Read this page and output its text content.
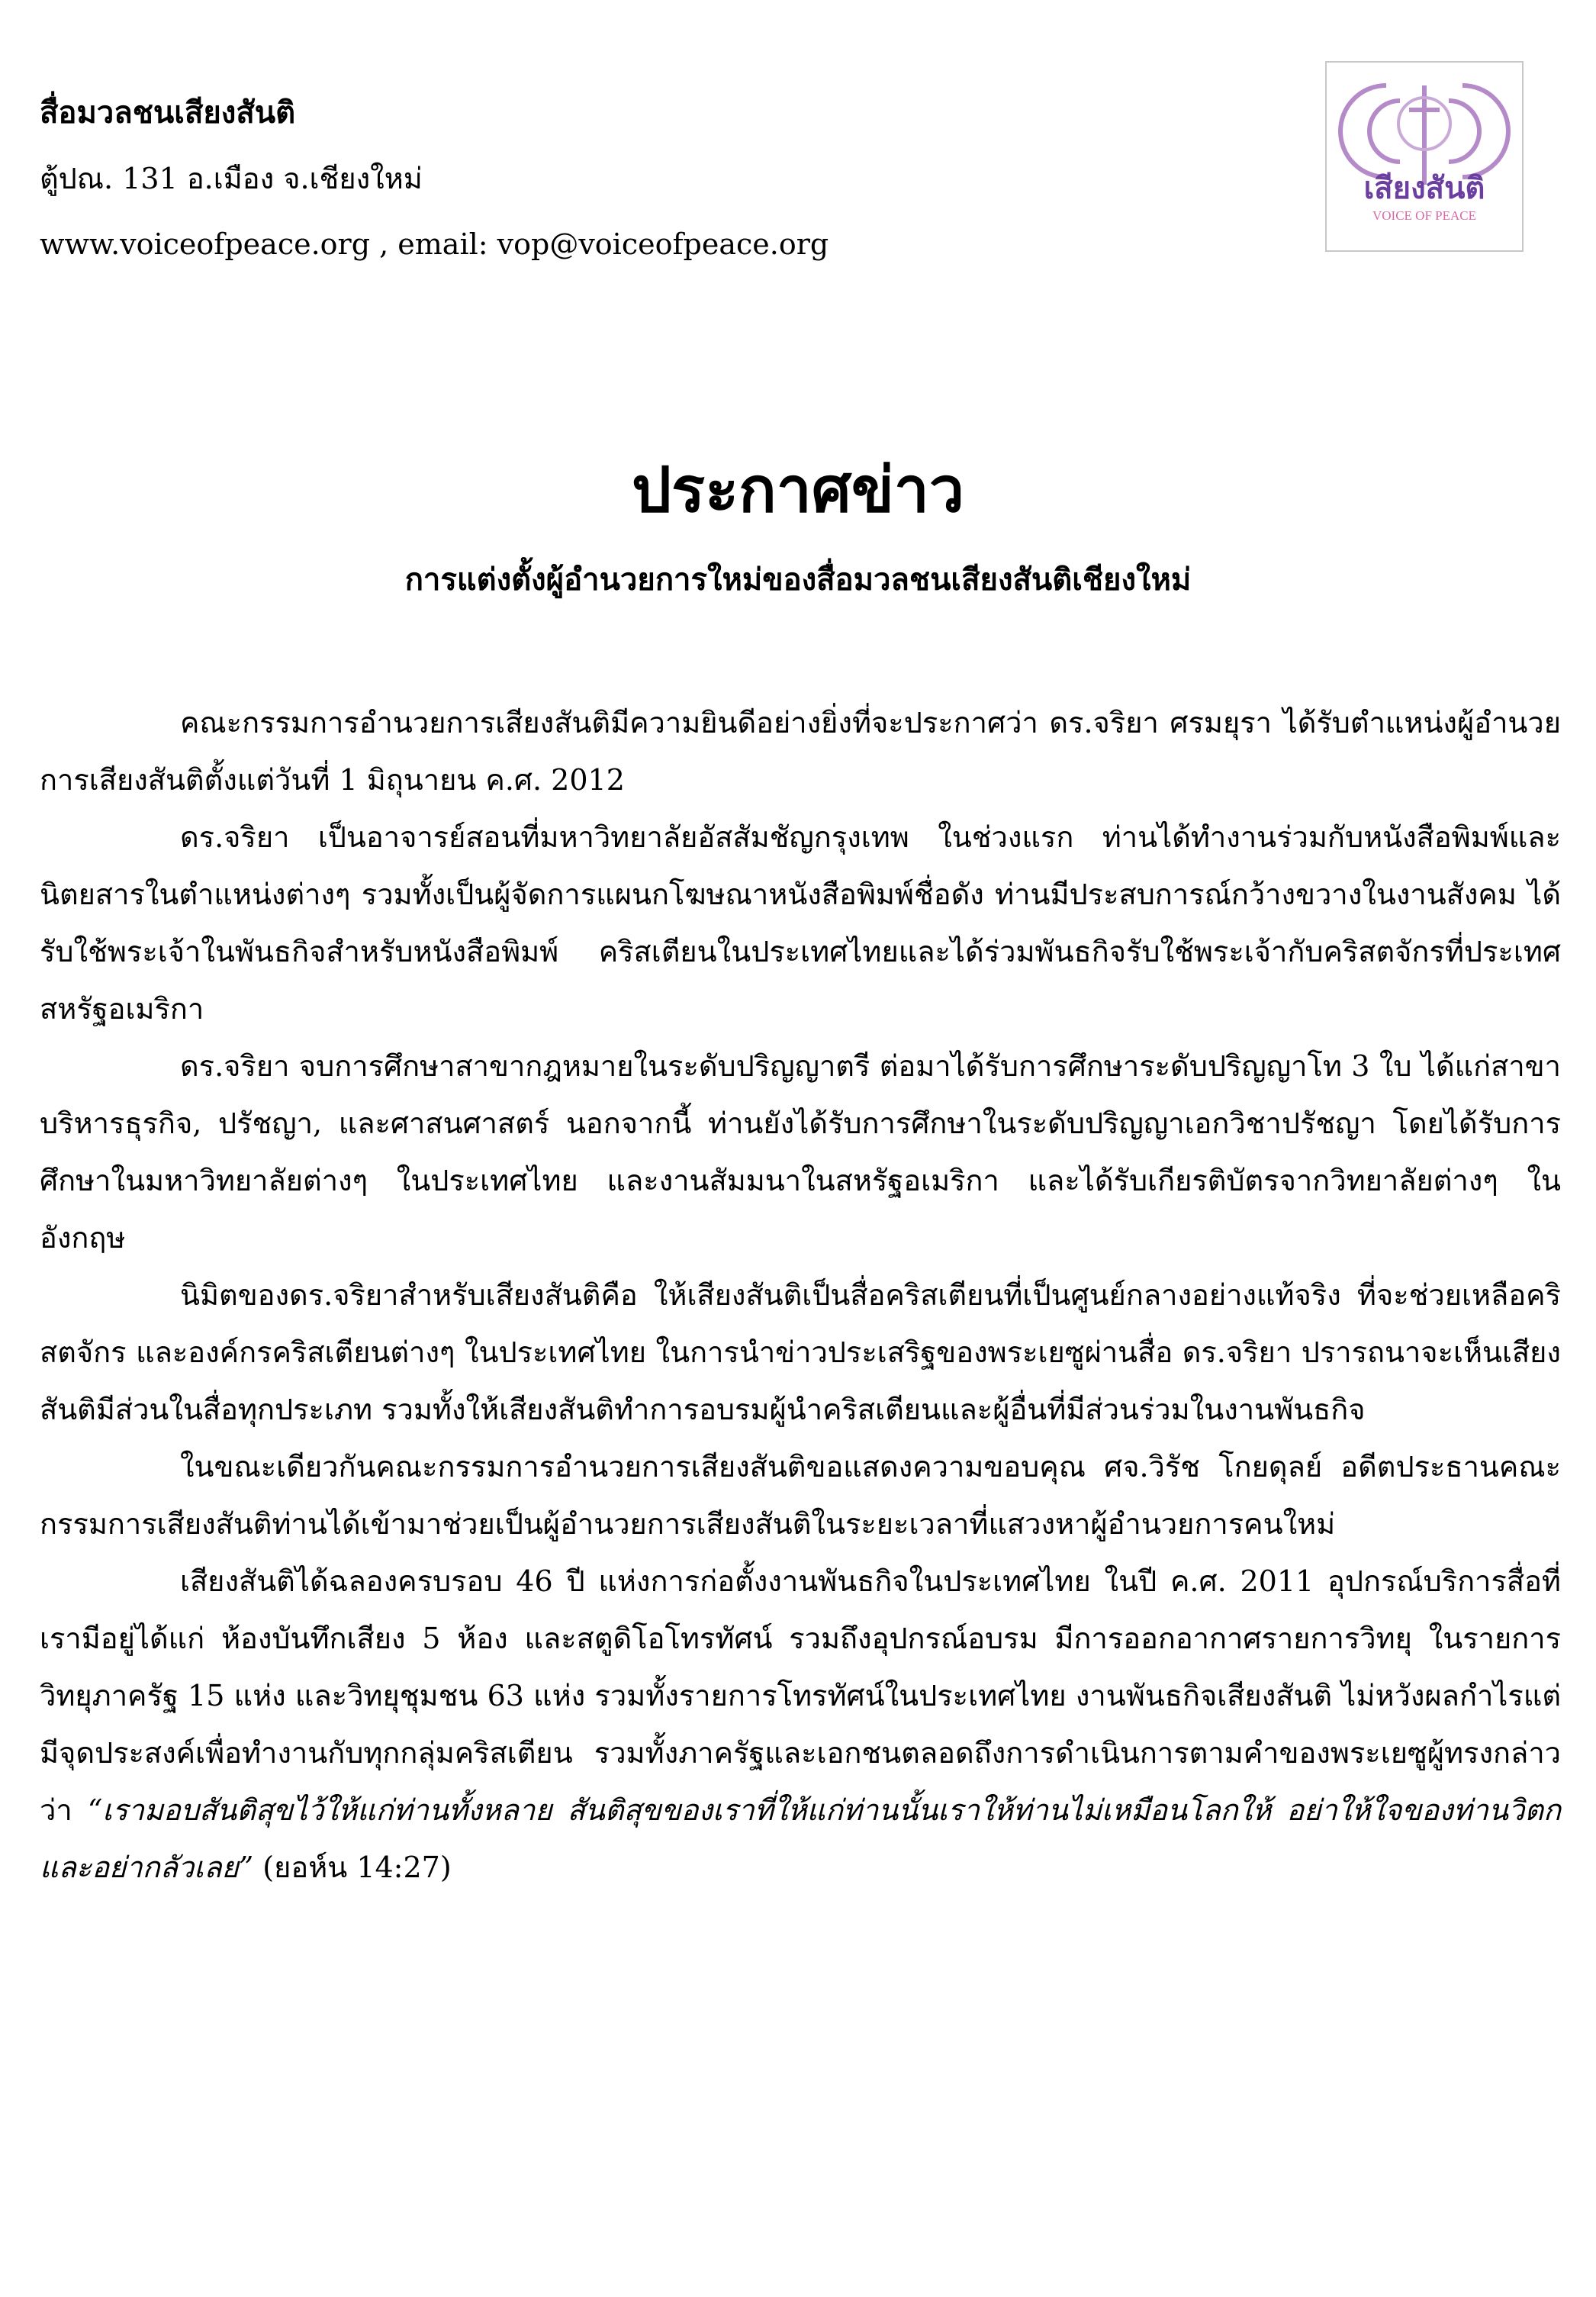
สื่อมวลชนเสียงสันติ

ตู้ปณ. 131 อ.เมือง จ.เชียงใหม่

www.voiceofpeace.org , email: vop@voiceofpeace.org

เสียงสันติ
VOICE OF PEACE
ประกาศข่าว
การแต่งตั้งผู้อำนวยการใหม่ของสื่อมวลชนเสียงสันติเชียงใหม่

คณะกรรมการอำนวยการเสียงสันติมีความยินดีอย่างยิ่งที่จะประกาศว่า ดร.จริยา ศรมยุรา ได้รับตำแหน่งผู้อำนวยการเสียงสันติตั้งแต่วันที่ 1 มิถุนายน ค.ศ. 2012

ดร.จริยา เป็นอาจารย์สอนที่มหาวิทยาลัยอัสสัมชัญกรุงเทพ ในช่วงแรก ท่านได้ทำงานร่วมกับหนังสือพิมพ์และนิตยสารในตำแหน่งต่างๆ รวมทั้งเป็นผู้จัดการแผนกโฆษณาหนังสือพิมพ์ชื่อดัง ท่านมีประสบการณ์กว้างขวางในงานสังคม ได้รับใช้พระเจ้าในพันธกิจสำหรับหนังสือพิมพ์ คริสเตียนในประเทศไทยและได้ร่วมพันธกิจรับใช้พระเจ้ากับคริสตจักรที่ประเทศสหรัฐอเมริกา

ดร.จริยา จบการศึกษาสาขากฎหมายในระดับปริญญาตรี ต่อมาได้รับการศึกษาระดับปริญญาโท 3 ใบ ได้แก่สาขาบริหารธุรกิจ, ปรัชญา, และศาสนศาสตร์ นอกจากนี้ ท่านยังได้รับการศึกษาในระดับปริญญาเอกวิชาปรัชญา โดยได้รับการศึกษาในมหาวิทยาลัยต่างๆ ในประเทศไทย และงานสัมมนาในสหรัฐอเมริกา และได้รับเกียรติบัตรจากวิทยาลัยต่างๆ ในอังกฤษ

นิมิตของดร.จริยาสำหรับเสียงสันติคือ ให้เสียงสันติเป็นสื่อคริสเตียนที่เป็นศูนย์กลางอย่างแท้จริง ที่จะช่วยเหลือคริสตจักร และองค์กรคริสเตียนต่างๆ ในประเทศไทย ในการนำข่าวประเสริฐของพระเยซูผ่านสื่อ ดร.จริยา ปรารถนาจะเห็นเสียงสันติมีส่วนในสื่อทุกประเภท รวมทั้งให้เสียงสันติทำการอบรมผู้นำคริสเตียนและผู้อื่นที่มีส่วนร่วมในงานพันธกิจ

ในขณะเดียวกันคณะกรรมการอำนวยการเสียงสันติขอแสดงความขอบคุณ ศจ.วิรัช โกยดุลย์ อดีตประธานคณะกรรมการเสียงสันติท่านได้เข้ามาช่วยเป็นผู้อำนวยการเสียงสันติในระยะเวลาที่แสวงหาผู้อำนวยการคนใหม่

เสียงสันติได้ฉลองครบรอบ 46 ปี แห่งการก่อตั้งงานพันธกิจในประเทศไทย ในปี ค.ศ. 2011 อุปกรณ์บริการสื่อที่เรามีอยู่ได้แก่ ห้องบันทึกเสียง 5 ห้อง และสตูดิโอโทรทัศน์ รวมถึงอุปกรณ์อบรม มีการออกอากาศรายการวิทยุ ในรายการวิทยุภาครัฐ 15 แห่ง และวิทยุชุมชน 63 แห่ง รวมทั้งรายการโทรทัศน์ในประเทศไทย งานพันธกิจเสียงสันติ ไม่หวังผลกำไรแต่มีจุดประสงค์เพื่อทำงานกับทุกกลุ่มคริสเตียน รวมทั้งภาครัฐและเอกชนตลอดถึงการดำเนินการตามคำของพระเยซูผู้ทรงกล่าวว่า “เรามอบสันติสุขไว้ให้แก่ท่านทั้งหลาย สันติสุขของเราที่ให้แก่ท่านนั้นเราให้ท่านไม่เหมือนโลกให้ อย่าให้ใจของท่านวิตกและอย่ากลัวเลย” (ยอห์น 14:27)
